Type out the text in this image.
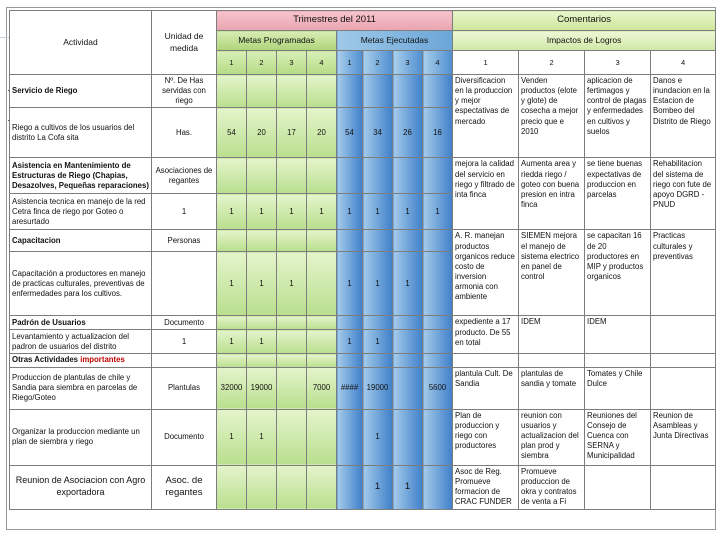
Actividad	Unidad de medida	Trimestres del 2011								Comentarios			
		Metas Programadas				Metas Ejecutadas				Impactos de Logros			
		1	2	3	4	1	2	3	4	1	2	3	4
Servicio de Riego	Nº. De Has servidas con riego									Diversificacion en la produccion y mejor espectativas de mercado	Venden productos (elote y glote) de cosecha a mejor precio que e 2010	aplicacion de fertimagos y control de plagas y enfermedades en cultivos y suelos	Danos e inundacion en la Estacion de Bombeo del Distrito de Riego
Riego a cultivos de los usuarios del distrito La Cofa sita	Has.	54	20	17	20	54	34	26	16				
Asistencia en Mantenimiento de Estructuras de Riego (Chapias, Desazolves, Pequeñas reparaciones)	Asociaciones de regantes									mejora la calidad del servicio en riego y filtrado de inta finca	Aumenta area y riedda riego / goteo con buena presion en intra finca	se tiene buenas expectativas de produccion en parcelas	Rehabilitacion del sistema de riego con fute de apoyo DGRD - PNUD
Asistencia tecnica en manejo de la red Cetra finca de riego por Goteo o aresurtado	1	1	1	1	1	1	1	1	1				
Capacitacion	Personas									A. R. manejan productos organicos reduce costo de inversion armonia con ambiente	SIEMEN mejora el manejo de sistema electrico en panel de control	se capacitan 16 de 20 productores en MIP y productos organicos	Practicas culturales y preventivas
Capacitación a productores en manejo de practicas culturales, preventivas de enfermedades para los cultivos.		1	1	1		1	1	1					
Padrón de Usuarios	Documento									expediente a 17 producto. De 55 en total	IDEM	IDEM	
Levantamiento y actualizacion del padron de usuarios del distrito	1	1	1			1	1						
Otras Actividades importantes													
Produccion de plantulas de chile y Sandia para siembra en parcelas de Riego/Goteo	Plantulas	32000	19000		7000	####	19000		5600	plantula Cult. De Sandia	plantulas de sandia y tomate	Tomates y Chile Dulce	
Organizar la produccion mediante un plan de siembra y riego	Documento	1	1				1			Plan de produccion y riego con productores	reunion con usuarios y actualizacion del plan prod y siembra	Reuniones del Consejo de Cuenca con SERNA y Municipalidad	Reunion de Asambleas y Junta Directivas
Reunion de Asociacion con Agro exportadora	Asoc. de regantes						1	1		Asoc de Reg. Promueve formacion de CRAC FUNDER	Promueve produccion de okra y contratos de venta a Fi		
